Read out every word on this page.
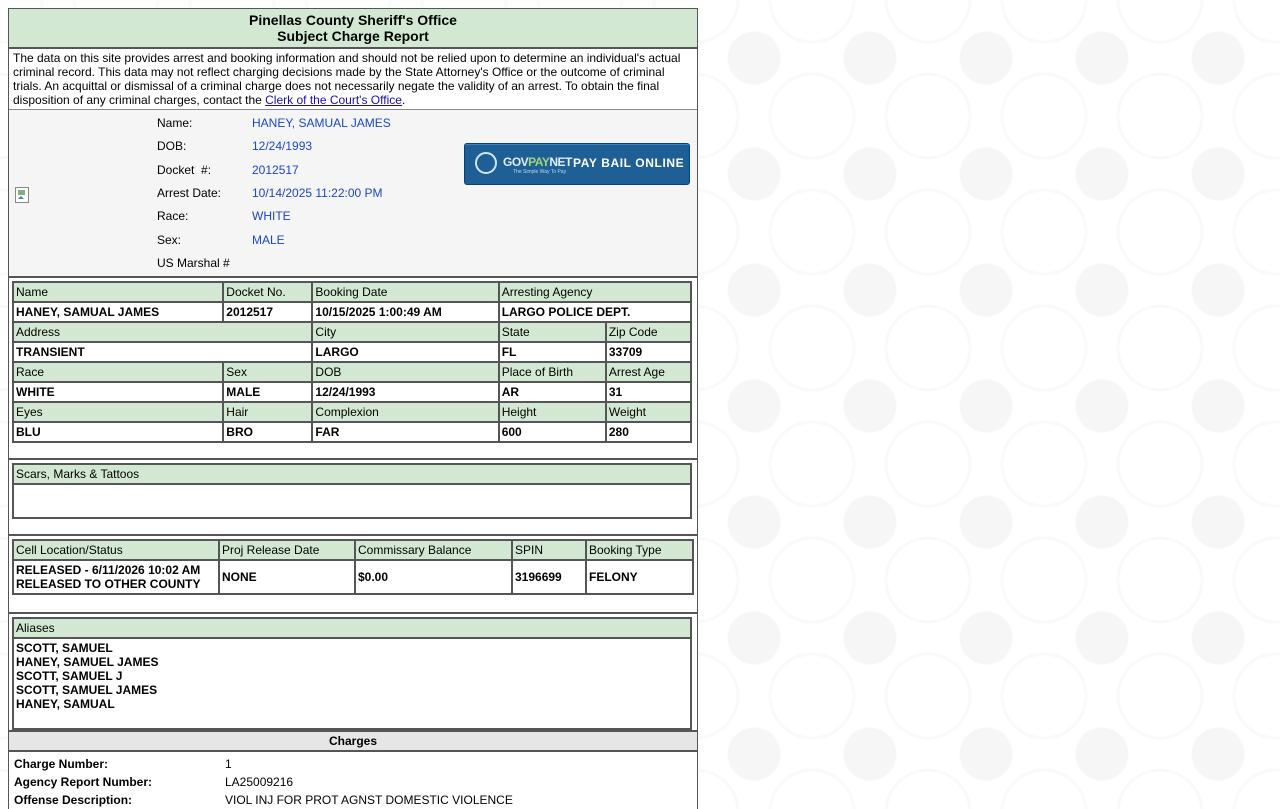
Pinellas County Sheriff's Office
Subject Charge Report
The data on this site provides arrest and booking information and should not be relied upon to determine an individual's actual criminal record. This data may not reflect charging decisions made by the State Attorney's Office or the outcome of criminal trials. An acquittal or dismissal of a criminal charge does not necessarily negate the validity of an arrest. To obtain the final disposition of any criminal charges, contact the Clerk of the Court's Office.
Name:	HANEY, SAMUAL JAMES
DOB:	12/24/1993
Docket  #:	2012517
Arrest Date:	10/14/2025 11:22:00 PM
Race:	WHITE
Sex:	MALE
US Marshal #
GOVPAYNET
The Simple Way To Pay
PAY BAIL ONLINE
Name	Docket No.	Booking Date	Arresting Agency	
HANEY, SAMUAL JAMES	2012517	10/15/2025 1:00:49 AM	LARGO POLICE DEPT.	
Address		City	State	Zip Code
TRANSIENT		LARGO	FL	33709
Race	Sex	DOB	Place of Birth	Arrest Age
WHITE	MALE	12/24/1993	AR	31
Eyes	Hair	Complexion	Height	Weight
BLU	BRO	FAR	600	280
Scars, Marks & Tattoos

Cell Location/Status	Proj Release Date	Commissary Balance	SPIN	Booking Type

RELEASED - 6/11/2026 10:02 AM
RELEASED TO OTHER COUNTY	NONE	$0.00	3196699	FELONY
Aliases

SCOTT, SAMUEL
HANEY, SAMUEL JAMES
SCOTT, SAMUEL J
SCOTT, SAMUEL JAMES
HANEY, SAMUAL
Charges
Charge Number:	1
Agency Report Number:	LA25009216
Offense Description:	VIOL INJ FOR PROT AGNST DOMESTIC VIOLENCE
